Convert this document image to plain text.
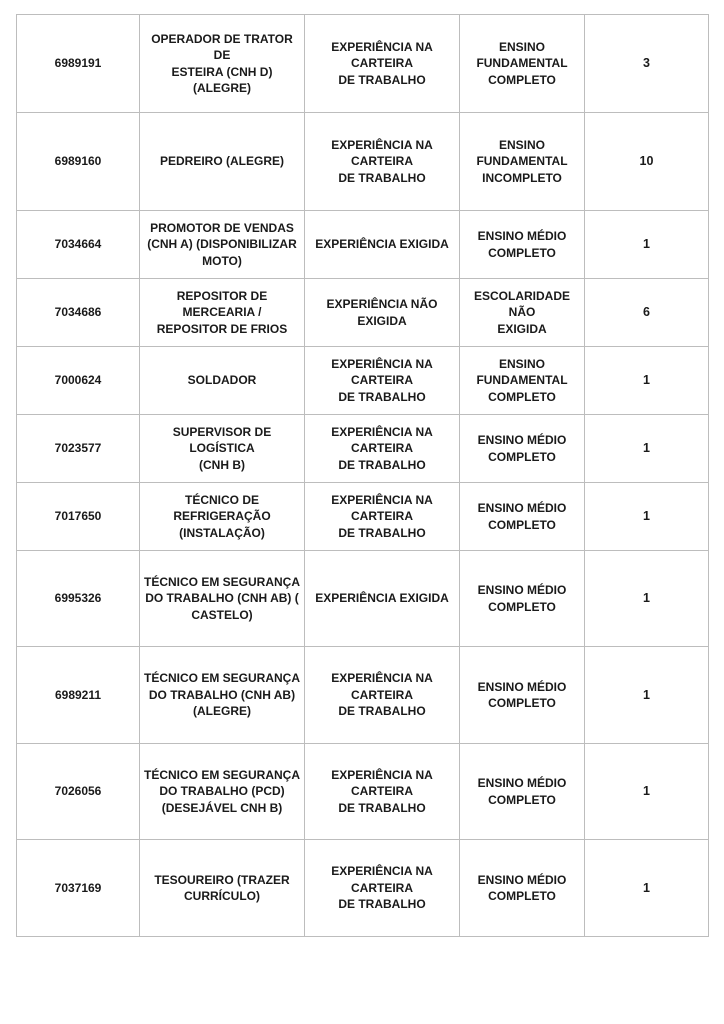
6989191	OPERADOR DE TRATOR DE
ESTEIRA (CNH D) (ALEGRE)	EXPERIÊNCIA NA CARTEIRA
DE TRABALHO	ENSINO
FUNDAMENTAL
COMPLETO	3
6989160	PEDREIRO (ALEGRE)	EXPERIÊNCIA NA CARTEIRA
DE TRABALHO	ENSINO
FUNDAMENTAL
INCOMPLETO	10
7034664	PROMOTOR DE VENDAS
(CNH A) (DISPONIBILIZAR
MOTO)	EXPERIÊNCIA EXIGIDA	ENSINO MÉDIO
COMPLETO	1
7034686	REPOSITOR DE MERCEARIA /
REPOSITOR DE FRIOS	EXPERIÊNCIA NÃO EXIGIDA	ESCOLARIDADE NÃO
EXIGIDA	6
7000624	SOLDADOR	EXPERIÊNCIA NA CARTEIRA
DE TRABALHO	ENSINO
FUNDAMENTAL
COMPLETO	1
7023577	SUPERVISOR DE LOGÍSTICA
(CNH B)	EXPERIÊNCIA NA CARTEIRA
DE TRABALHO	ENSINO MÉDIO
COMPLETO	1
7017650	TÉCNICO DE REFRIGERAÇÃO
(INSTALAÇÃO)	EXPERIÊNCIA NA CARTEIRA
DE TRABALHO	ENSINO MÉDIO
COMPLETO	1
6995326	TÉCNICO EM SEGURANÇA
DO TRABALHO (CNH AB) (
CASTELO)	EXPERIÊNCIA EXIGIDA	ENSINO MÉDIO
COMPLETO	1
6989211	TÉCNICO EM SEGURANÇA
DO TRABALHO (CNH AB)
(ALEGRE)	EXPERIÊNCIA NA CARTEIRA
DE TRABALHO	ENSINO MÉDIO
COMPLETO	1
7026056	TÉCNICO EM SEGURANÇA
DO TRABALHO (PCD)
(DESEJÁVEL CNH B)	EXPERIÊNCIA NA CARTEIRA
DE TRABALHO	ENSINO MÉDIO
COMPLETO	1
7037169	TESOUREIRO (TRAZER
CURRÍCULO)	EXPERIÊNCIA NA CARTEIRA
DE TRABALHO	ENSINO MÉDIO
COMPLETO	1
